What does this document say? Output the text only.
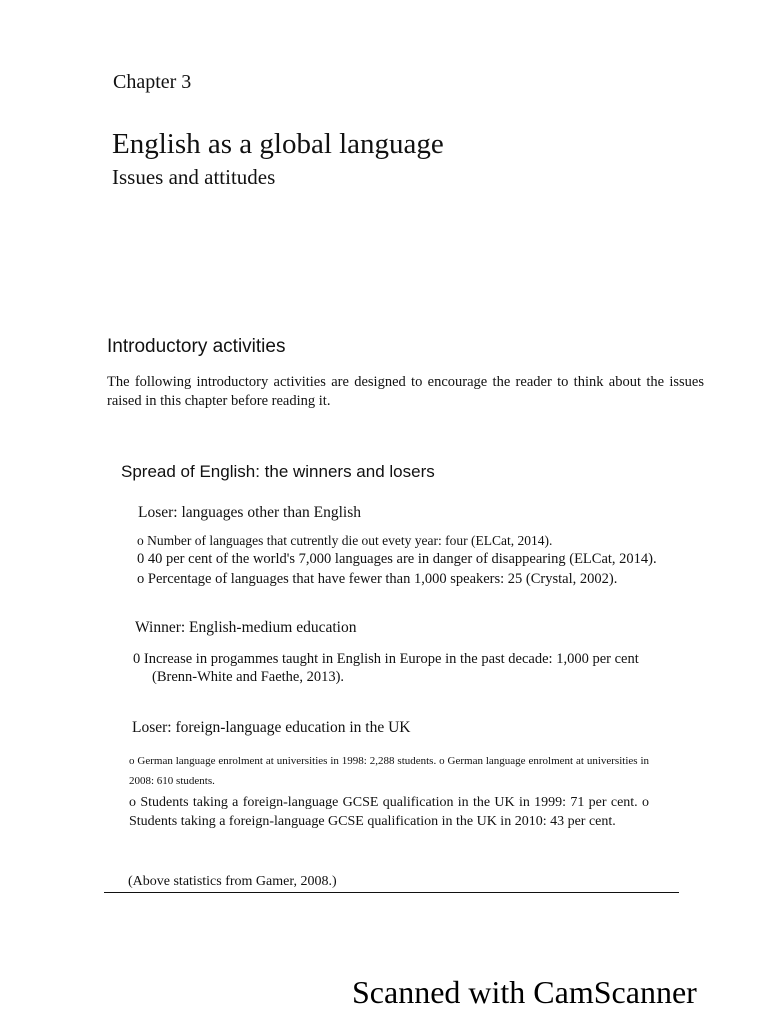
Chapter 3
English as a global language
Issues and attitudes
Introductory activities
The following introductory activities are designed to encourage the reader to think about the issues raised in this chapter before reading it.
Spread of English: the winners and losers
Loser: languages other than English
o Number of languages that cutrently die out evety year: four (ELCat, 2014).
0 40 per cent of the world's 7,000 languages are in danger of disappearing (ELCat, 2014).
o Percentage of languages that have fewer than 1,000 speakers: 25 (Crystal, 2002).
Winner: English-medium education
0 Increase in progammes taught in English in Europe in the past decade: 1,000 per cent
(Brenn-White and Faethe, 2013).
Loser: foreign-language education in the UK
o German language enrolment at universities in 1998: 2,288 students. o German language enrolment at universities in 2008: 610 students.
o Students taking a foreign-language GCSE qualification in the UK in 1999: 71 per cent. o Students taking a foreign-language GCSE qualification in the UK in 2010: 43 per cent.
(Above statistics from Gamer, 2008.)
Scanned with CamScanner
